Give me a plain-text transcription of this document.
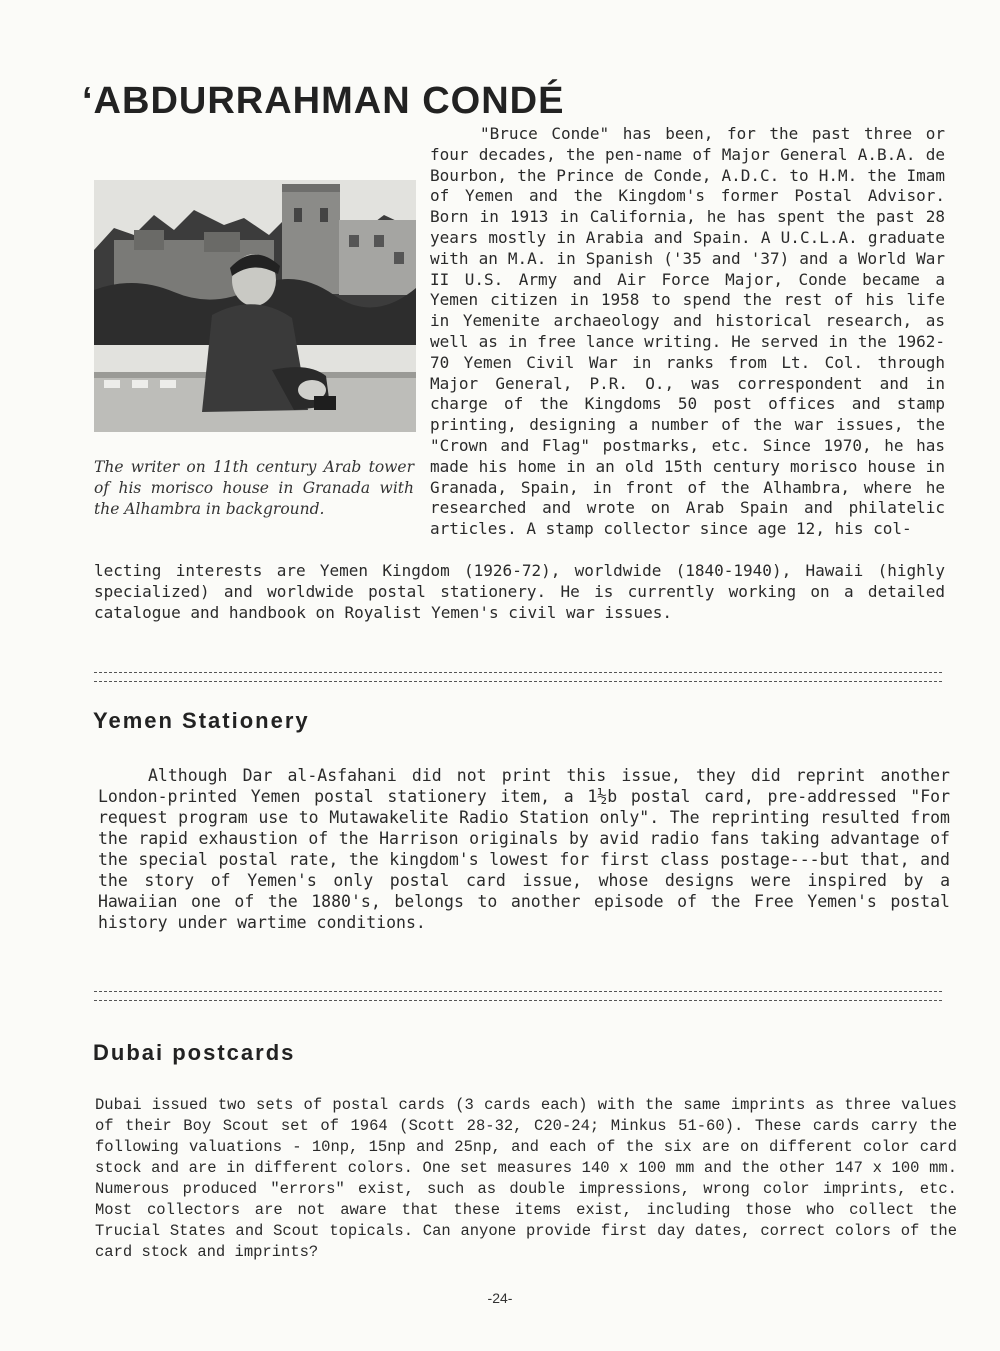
‘ABDURRAHMAN CONDÉ
The writer on 11th century Arab tower of his morisco house in Granada with the Alhambra in background.
"Bruce Conde" has been, for the past three or four decades, the pen-name of Major General A.B.A. de Bourbon, the Prince de Conde, A.D.C. to H.M. the Imam of Yemen and the Kingdom's former Postal Advisor. Born in 1913 in California, he has spent the past 28 years mostly in Arabia and Spain. A U.C.L.A. graduate with an M.A. in Spanish ('35 and '37) and a World War II U.S. Army and Air Force Major, Conde became a Yemen citizen in 1958 to spend the rest of his life in Yemenite archaeology and historical research, as well as in free lance writing. He served in the 1962-70 Yemen Civil War in ranks from Lt. Col. through Major General, P.R. O., was correspondent and in charge of the Kingdoms 50 post offices and stamp printing, designing a number of the war issues, the "Crown and Flag" postmarks, etc. Since 1970, he has made his home in an old 15th century morisco house in Granada, Spain, in front of the Alhambra, where he researched and wrote on Arab Spain and philatelic articles. A stamp collector since age 12, his col-
lecting interests are Yemen Kingdom (1926-72), worldwide (1840-1940), Hawaii (highly specialized) and worldwide postal stationery. He is currently working on a detailed catalogue and handbook on Royalist Yemen's civil war issues.
Yemen Stationery
Although Dar al-Asfahani did not print this issue, they did reprint another London-printed Yemen postal stationery item, a 1½b postal card, pre-addressed "For request program use to Mutawakelite Radio Station only". The reprinting resulted from the rapid exhaustion of the Harrison originals by avid radio fans taking advantage of the special postal rate, the kingdom's lowest for first class postage---but that, and the story of Yemen's only postal card issue, whose designs were inspired by a Hawaiian one of the 1880's, belongs to another episode of the Free Yemen's postal history under wartime conditions.
Dubai postcards
Dubai issued two sets of postal cards (3 cards each) with the same imprints as three values of their Boy Scout set of 1964 (Scott 28-32, C20-24; Minkus 51-60). These cards carry the following valuations - 10np, 15np and 25np, and each of the six are on different color card stock and are in different colors. One set measures 140 x 100 mm and the other 147 x 100 mm. Numerous produced "errors" exist, such as double impressions, wrong color imprints, etc. Most collectors are not aware that these items exist, including those who collect the Trucial States and Scout topicals. Can anyone provide first day dates, correct colors of the card stock and imprints?
-24-
